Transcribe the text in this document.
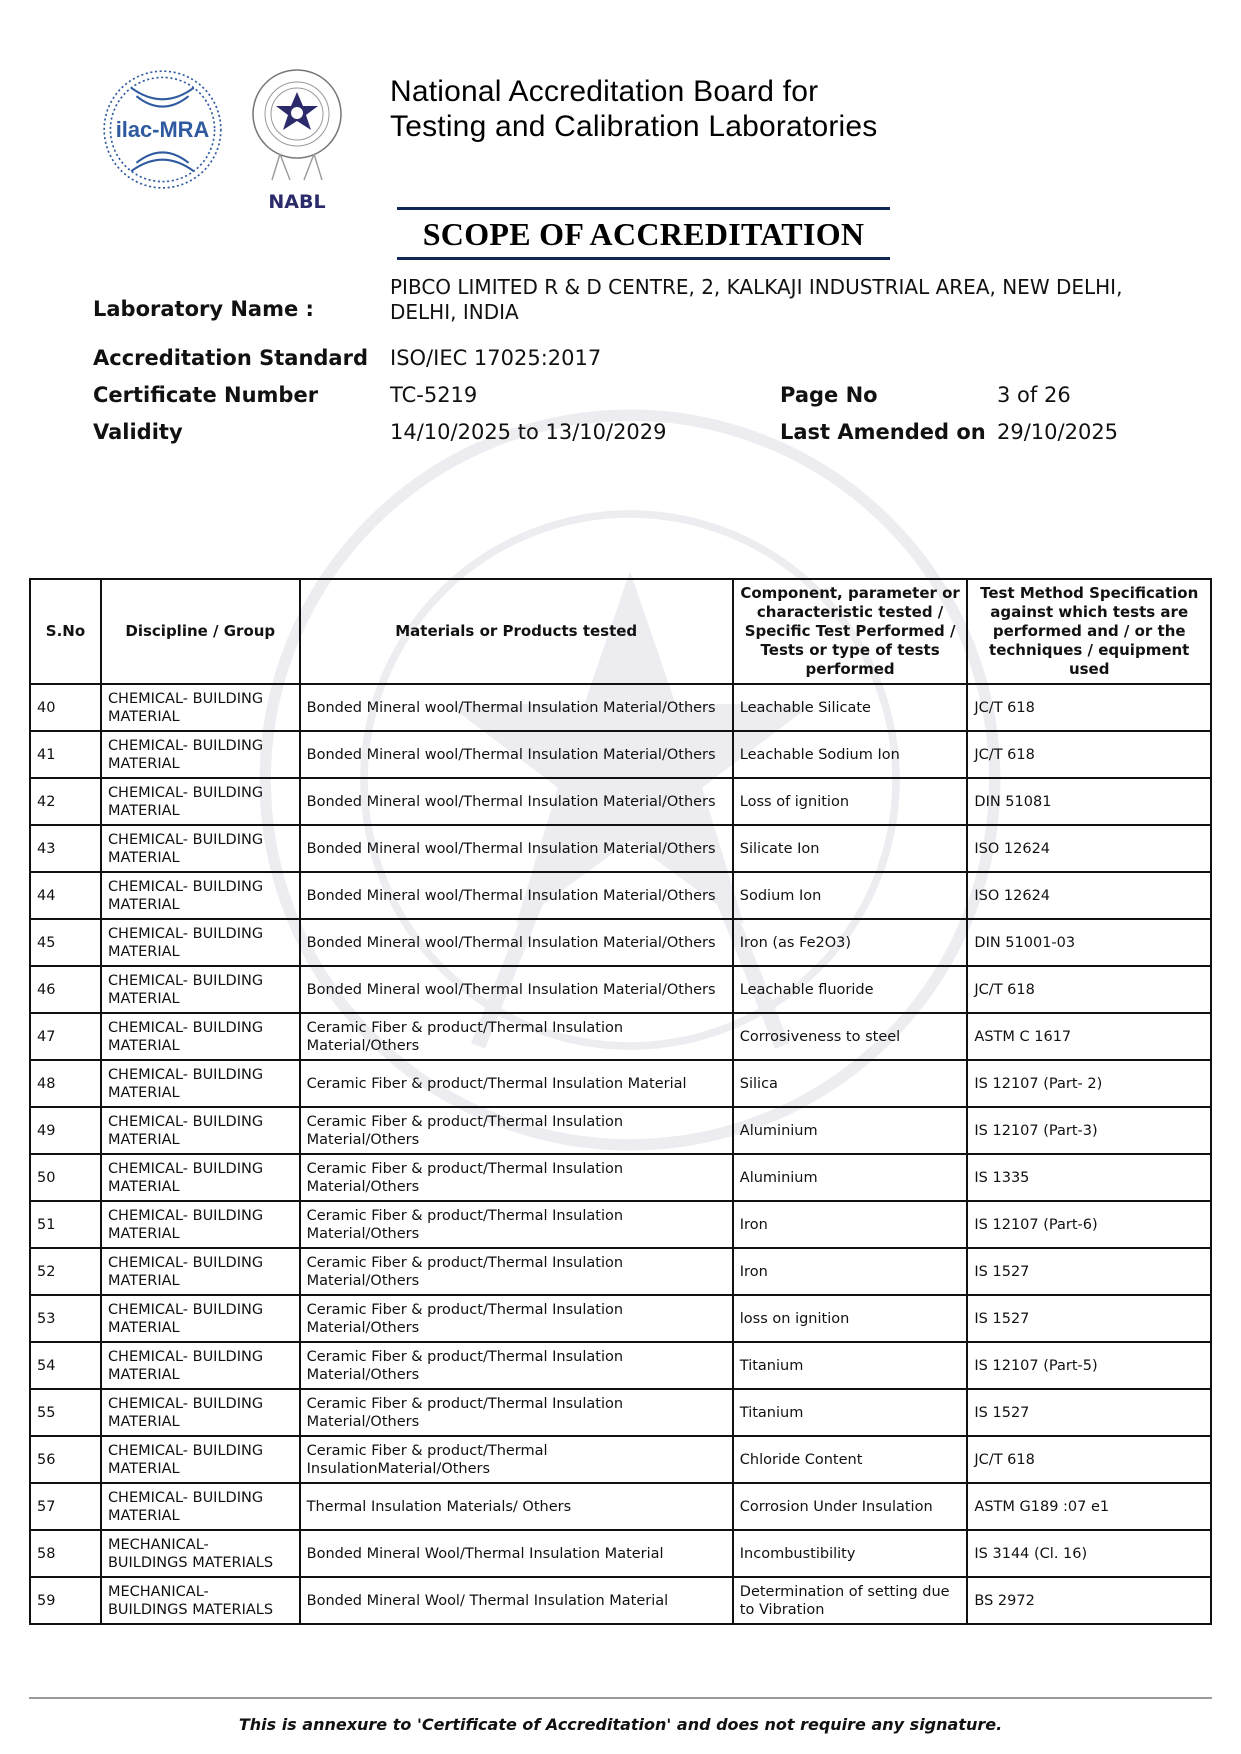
ilac-MRA
NABL
National Accreditation Board for
Testing and Calibration Laboratories
SCOPE OF ACCREDITATION
Laboratory Name :
PIBCO LIMITED R & D CENTRE, 2, KALKAJI INDUSTRIAL AREA, NEW DELHI,
DELHI, INDIA
Accreditation Standard ISO/IEC 17025:2017
Certificate Number	TC-5219	Page No	3 of 26
Validity	14/10/2025 to 13/10/2029	Last Amended on 29/10/2025
S.No	Discipline / Group	Materials or Products tested	Component, parameter or characteristic tested / Specific Test Performed / Tests or type of tests performed	Test Method Specification against which tests are performed and / or the techniques / equipment used
40	CHEMICAL- BUILDING MATERIAL	Bonded Mineral wool/Thermal Insulation Material/Others	Leachable Silicate	JC/T 618
41	CHEMICAL- BUILDING MATERIAL	Bonded Mineral wool/Thermal Insulation Material/Others	Leachable Sodium Ion	JC/T 618
42	CHEMICAL- BUILDING MATERIAL	Bonded Mineral wool/Thermal Insulation Material/Others	Loss of ignition	DIN 51081
43	CHEMICAL- BUILDING MATERIAL	Bonded Mineral wool/Thermal Insulation Material/Others	Silicate Ion	ISO 12624
44	CHEMICAL- BUILDING MATERIAL	Bonded Mineral wool/Thermal Insulation Material/Others	Sodium Ion	ISO 12624
45	CHEMICAL- BUILDING MATERIAL	Bonded Mineral wool/Thermal Insulation Material/Others	Iron (as Fe2O3)	DIN 51001-03
46	CHEMICAL- BUILDING MATERIAL	Bonded Mineral wool/Thermal Insulation Material/Others	Leachable fluoride	JC/T 618
47	CHEMICAL- BUILDING MATERIAL	Ceramic Fiber & product/Thermal Insulation Material/Others	Corrosiveness to steel	ASTM C 1617
48	CHEMICAL- BUILDING MATERIAL	Ceramic Fiber & product/Thermal Insulation Material	Silica	IS 12107 (Part- 2)
49	CHEMICAL- BUILDING MATERIAL	Ceramic Fiber & product/Thermal Insulation Material/Others	Aluminium	IS 12107 (Part-3)
50	CHEMICAL- BUILDING MATERIAL	Ceramic Fiber & product/Thermal Insulation Material/Others	Aluminium	IS 1335
51	CHEMICAL- BUILDING MATERIAL	Ceramic Fiber & product/Thermal Insulation Material/Others	Iron	IS 12107 (Part-6)
52	CHEMICAL- BUILDING MATERIAL	Ceramic Fiber & product/Thermal Insulation Material/Others	Iron	IS 1527
53	CHEMICAL- BUILDING MATERIAL	Ceramic Fiber & product/Thermal Insulation Material/Others	loss on ignition	IS 1527
54	CHEMICAL- BUILDING MATERIAL	Ceramic Fiber & product/Thermal Insulation Material/Others	Titanium	IS 12107 (Part-5)
55	CHEMICAL- BUILDING MATERIAL	Ceramic Fiber & product/Thermal Insulation Material/Others	Titanium	IS 1527
56	CHEMICAL- BUILDING MATERIAL	Ceramic Fiber & product/Thermal InsulationMaterial/Others	Chloride Content	JC/T 618
57	CHEMICAL- BUILDING MATERIAL	Thermal Insulation Materials/ Others	Corrosion Under Insulation	ASTM G189 :07 e1
58	MECHANICAL- BUILDINGS MATERIALS	Bonded Mineral Wool/Thermal Insulation Material	Incombustibility	IS 3144 (Cl. 16)
59	MECHANICAL- BUILDINGS MATERIALS	Bonded Mineral Wool/ Thermal Insulation Material	Determination of setting due to Vibration	BS 2972
This is annexure to 'Certificate of Accreditation' and does not require any signature.
